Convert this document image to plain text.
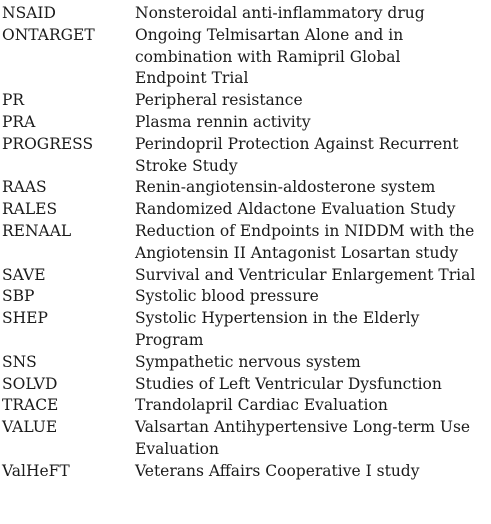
NSAID	Nonsteroidal anti-inflammatory drug
ONTARGET	Ongoing Telmisartan Alone and in
combination with Ramipril Global
Endpoint Trial
PR	Peripheral resistance
PRA	Plasma rennin activity
PROGRESS	Perindopril Protection Against Recurrent
Stroke Study
RAAS	Renin-angiotensin-aldosterone system
RALES	Randomized Aldactone Evaluation Study
RENAAL	Reduction of Endpoints in NIDDM with the
Angiotensin II Antagonist Losartan study
SAVE	Survival and Ventricular Enlargement Trial
SBP	Systolic blood pressure
SHEP	Systolic Hypertension in the Elderly
Program
SNS	Sympathetic nervous system
SOLVD	Studies of Left Ventricular Dysfunction
TRACE	Trandolapril Cardiac Evaluation
VALUE	Valsartan Antihypertensive Long-term Use
Evaluation
ValHeFT	Veterans Affairs Cooperative I study
